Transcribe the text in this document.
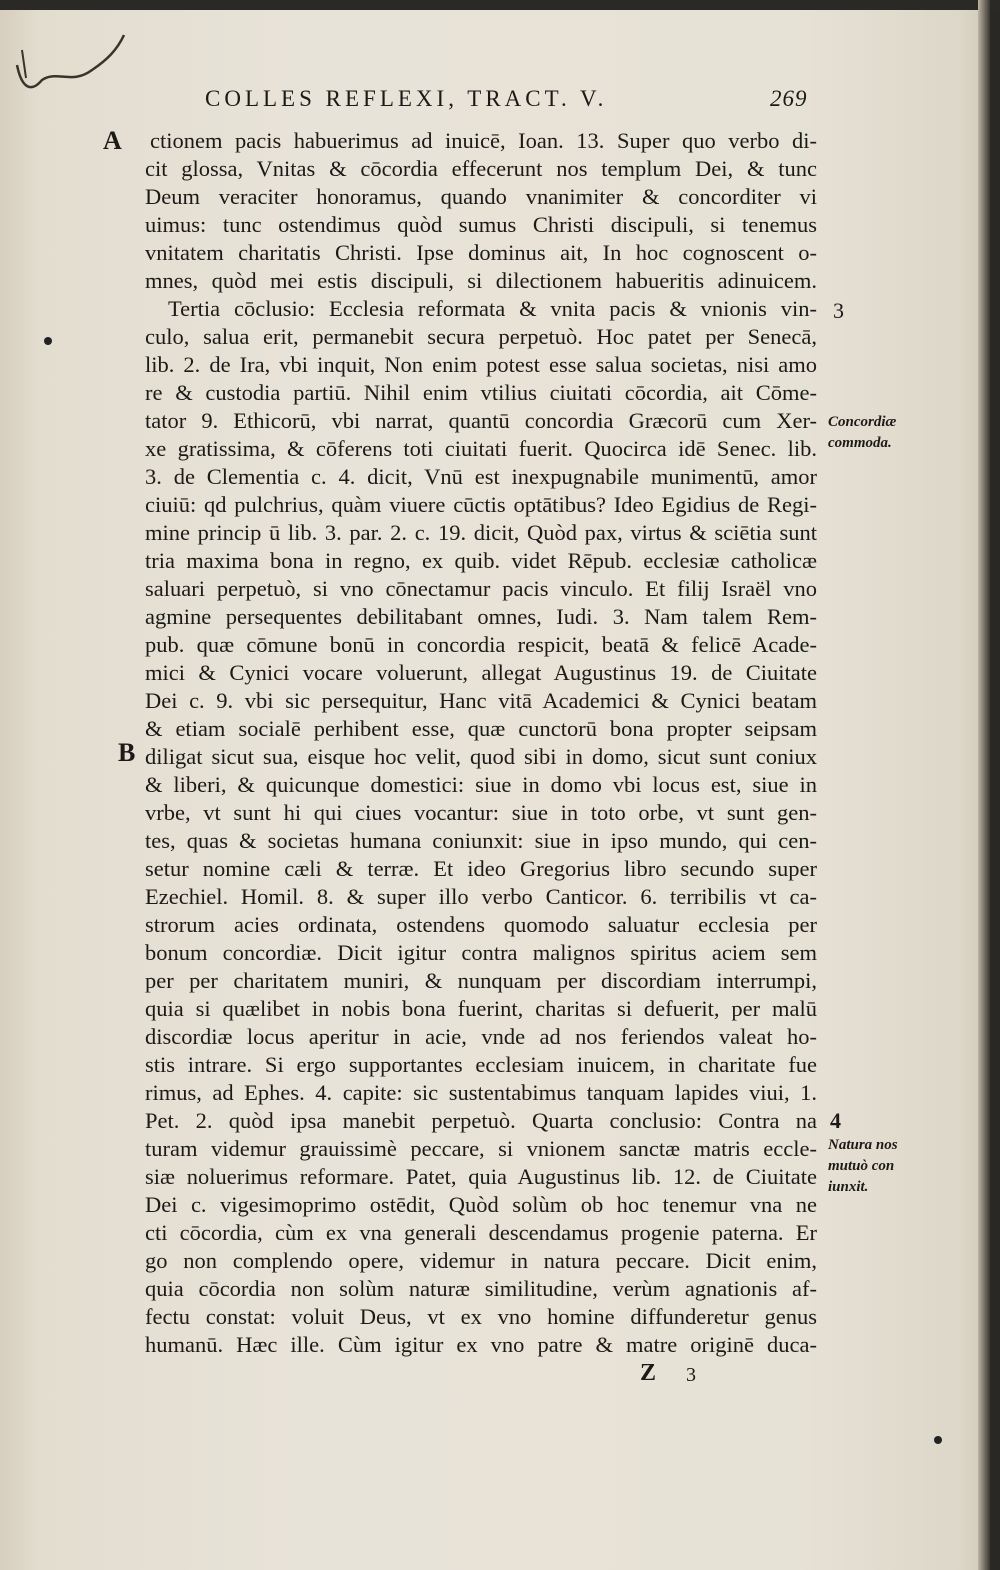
COLLES REFLEXI, TRACT. V.	269
A
B
ctionem pacis habuerimus ad inuicē, Ioan. 13. Super quo verbo di-
cit glossa, Vnitas & cōcordia effecerunt nos templum Dei, & tunc
Deum veraciter honoramus, quando vnanimiter & concorditer vi
uimus: tunc ostendimus quòd sumus Christi discipuli, si tenemus
vnitatem charitatis Christi. Ipse dominus ait, In hoc cognoscent o-
mnes, quòd mei estis discipuli, si dilectionem habueritis adinuicem.
Tertia cōclusio: Ecclesia reformata & vnita pacis & vnionis vin-
culo, salua erit, permanebit secura perpetuò. Hoc patet per Senecā,
lib. 2. de Ira, vbi inquit, Non enim potest esse salua societas, nisi amo
re & custodia partiū. Nihil enim vtilius ciuitati cōcordia, ait Cōme-
tator 9. Ethicorū, vbi narrat, quantū concordia Græcorū cum Xer-
xe gratissima, & cōferens toti ciuitati fuerit. Quocirca idē Senec. lib.
3. de Clementia c. 4. dicit, Vnū est inexpugnabile munimentū, amor
ciuiū: qd pulchrius, quàm viuere cūctis optātibus? Ideo Egidius de Regi-
mine princip ū lib. 3. par. 2. c. 19. dicit, Quòd pax, virtus & sciētia sunt
tria maxima bona in regno, ex quib. videt Rēpub. ecclesiæ catholicæ
saluari perpetuò, si vno cōnectamur pacis vinculo. Et filij Israël vno
agmine persequentes debilitabant omnes, Iudi. 3. Nam talem Rem-
pub. quæ cōmune bonū in concordia respicit, beatā & felicē Acade-
mici & Cynici vocare voluerunt, allegat Augustinus 19. de Ciuitate
Dei c. 9. vbi sic persequitur, Hanc vitā Academici & Cynici beatam
& etiam socialē perhibent esse, quæ cunctorū bona propter seipsam
diligat sicut sua, eisque hoc velit, quod sibi in domo, sicut sunt coniux
& liberi, & quicunque domestici: siue in domo vbi locus est, siue in
vrbe, vt sunt hi qui ciues vocantur: siue in toto orbe, vt sunt gen-
tes, quas & societas humana coniunxit: siue in ipso mundo, qui cen-
setur nomine cæli & terræ. Et ideo Gregorius libro secundo super
Ezechiel. Homil. 8. & super illo verbo Canticor. 6. terribilis vt ca-
strorum acies ordinata, ostendens quomodo saluatur ecclesia per
bonum concordiæ. Dicit igitur contra malignos spiritus aciem sem
per per charitatem muniri, & nunquam per discordiam interrumpi,
quia si quælibet in nobis bona fuerint, charitas si defuerit, per malū
discordiæ locus aperitur in acie, vnde ad nos feriendos valeat ho-
stis intrare. Si ergo supportantes ecclesiam inuicem, in charitate fue
rimus, ad Ephes. 4. capite: sic sustentabimus tanquam lapides viui, 1.
Pet. 2. quòd ipsa manebit perpetuò. Quarta conclusio: Contra na
turam videmur grauissimè peccare, si vnionem sanctæ matris eccle-
siæ noluerimus reformare. Patet, quia Augustinus lib. 12. de Ciuitate
Dei c. vigesimoprimo ostēdit, Quòd solùm ob hoc tenemur vna ne
cti cōcordia, cùm ex vna generali descendamus progenie paterna. Er
go non complendo opere, videmur in natura peccare. Dicit enim,
quia cōcordia non solùm naturæ similitudine, verùm agnationis af-
fectu constat: voluit Deus, vt ex vno homine diffunderetur genus
humanū. Hæc ille. Cùm igitur ex vno patre & matre originē duca-
3
4
Concordiæ
commoda.
Natura nos
mutuò con
iunxit.
Z 3
